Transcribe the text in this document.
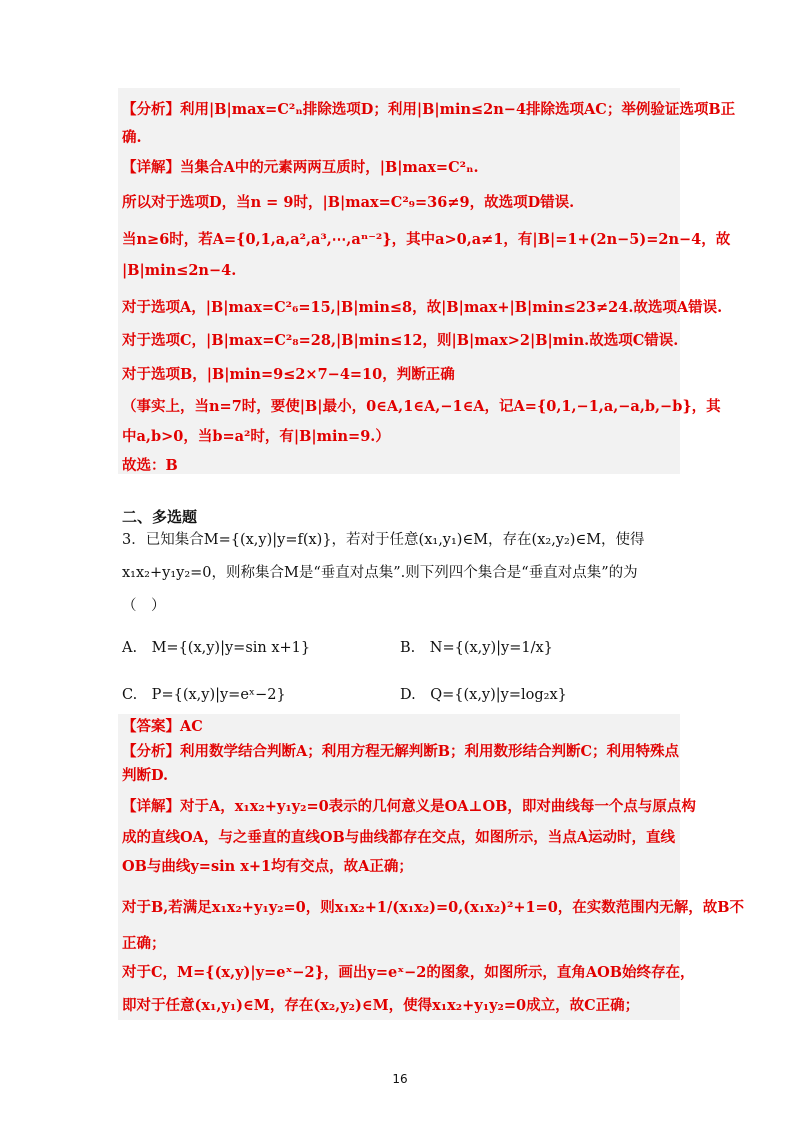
【分析】利用|B|max=C²ₙ排除选项D；利用|B|min≤2n−4排除选项AC；举例验证选项B正
确.
【详解】当集合A中的元素两两互质时，|B|max=C²ₙ.
所以对于选项D，当n = 9时，|B|max=C²₉=36≠9，故选项D错误.
当n≥6时，若A={0,1,a,a²,a³,⋯,aⁿ⁻²}，其中a>0,a≠1，有|B|=1+(2n−5)=2n−4，故
|B|min≤2n−4.
对于选项A，|B|max=C²₆=15,|B|min≤8，故|B|max+|B|min≤23≠24.故选项A错误.
对于选项C，|B|max=C²₈=28,|B|min≤12，则|B|max>2|B|min.故选项C错误.
对于选项B，|B|min=9≤2×7−4=10，判断正确
（事实上，当n=7时，要使|B|最小，0∈A,1∈A,−1∈A，记A={0,1,−1,a,−a,b,−b}，其
中a,b>0，当b=a²时，有|B|min=9.）
故选：B
二、多选题
3．已知集合M={(x,y)|y=f(x)}，若对于任意(x₁,y₁)∈M，存在(x₂,y₂)∈M，使得
x₁x₂+y₁y₂=0，则称集合M是“垂直对点集”.则下列四个集合是“垂直对点集”的为
（　）
A.　M={(x,y)|y=sin x+1}	B.　N={(x,y)|y=1/x}
C.　P={(x,y)|y=eˣ−2}	D.　Q={(x,y)|y=log₂x}
【答案】AC
【分析】利用数学结合判断A；利用方程无解判断B；利用数形结合判断C；利用特殊点
判断D.
【详解】对于A，x₁x₂+y₁y₂=0表示的几何意义是OA⊥OB，即对曲线每一个点与原点构
成的直线OA，与之垂直的直线OB与曲线都存在交点，如图所示，当点A运动时，直线
OB与曲线y=sin x+1均有交点，故A正确；
对于B,若满足x₁x₂+y₁y₂=0，则x₁x₂+1/(x₁x₂)=0,(x₁x₂)²+1=0，在实数范围内无解，故B不
正确；
对于C，M={(x,y)|y=eˣ−2}，画出y=eˣ−2的图象，如图所示，直角AOB始终存在，
即对于任意(x₁,y₁)∈M，存在(x₂,y₂)∈M，使得x₁x₂+y₁y₂=0成立，故C正确；
16
